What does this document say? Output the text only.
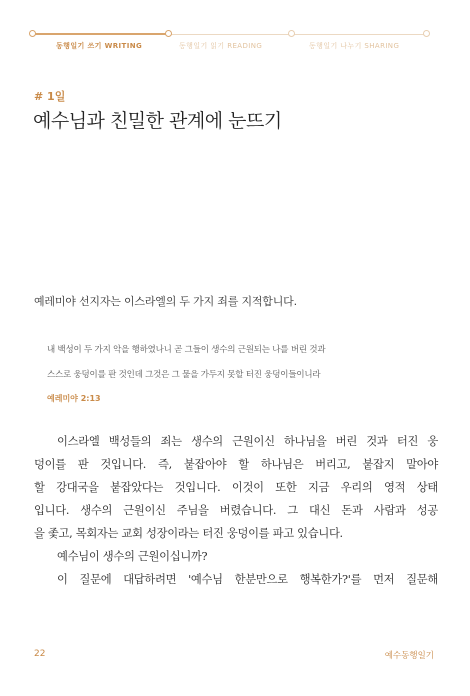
동행일기 쓰기 WRITING	동행일기 읽기 READING	동행일기 나누기 SHARING
# 1일
예수님과 친밀한 관계에 눈뜨기
예레미야 선지자는 이스라엘의 두 가지 죄를 지적합니다.
내 백성이 두 가지 악을 행하였나니 곧 그들이 생수의 근원되는 나를 버린 것과
스스로 웅덩이를 판 것인데 그것은 그 물을 가두지 못할 터진 웅덩이들이니라
예레미야 2:13
이스라엘 백성들의 죄는 생수의 근원이신 하나님을 버린 것과 터진 웅
덩이를 판 것입니다. 즉, 붙잡아야 할 하나님은 버리고, 붙잡지 말아야
할 강대국을 붙잡았다는 것입니다. 이것이 또한 지금 우리의 영적 상태
입니다. 생수의 근원이신 주님을 버렸습니다. 그 대신 돈과 사람과 성공
을 좇고, 목회자는 교회 성장이라는 터진 웅덩이를 파고 있습니다.
예수님이 생수의 근원이십니까?
이 질문에 대답하려면 '예수님 한분만으로 행복한가?'를 먼저 질문해
22	예수동행일기
